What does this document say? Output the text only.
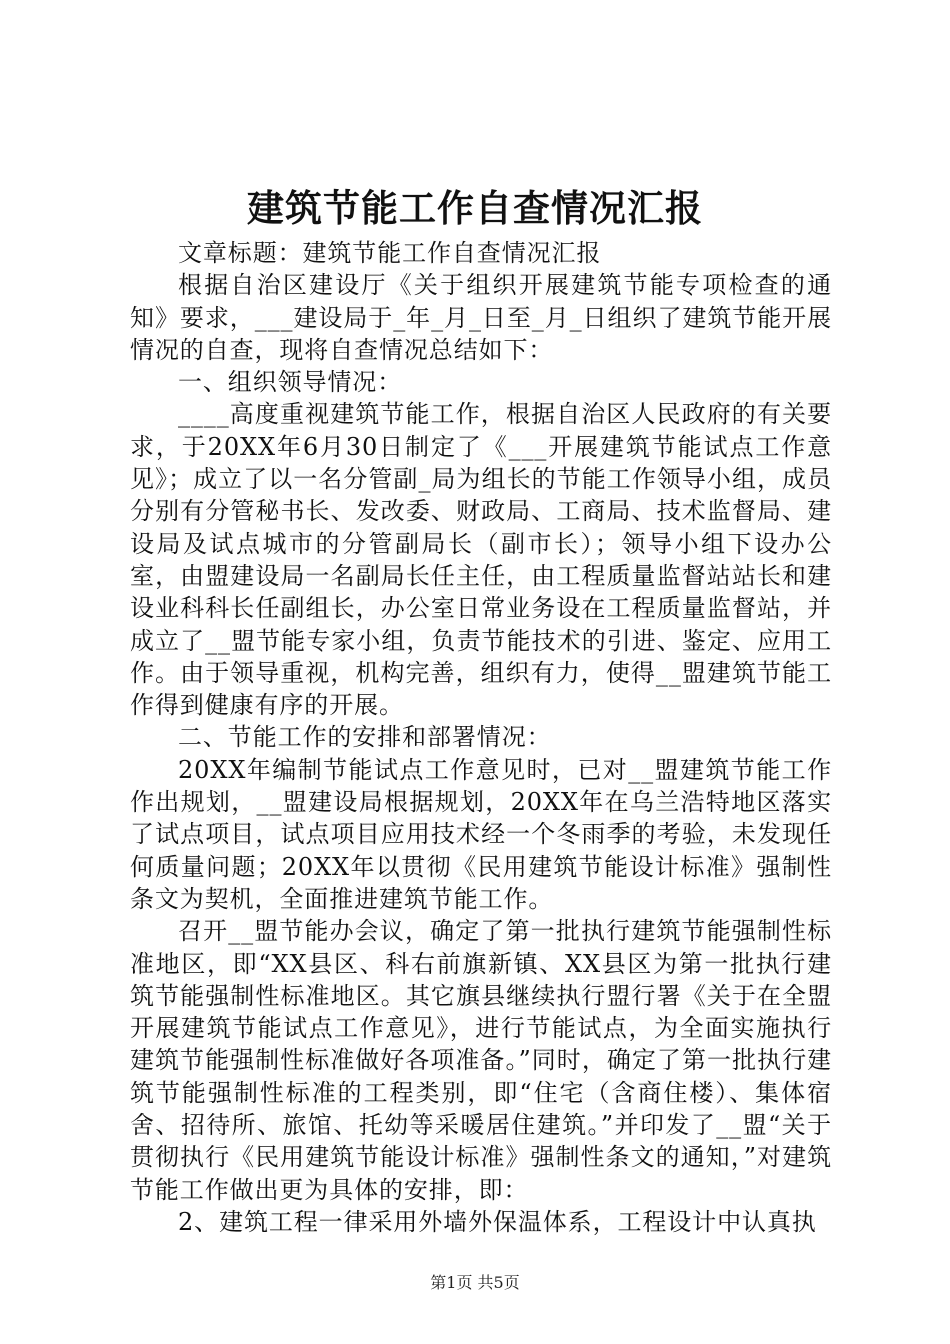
建筑节能工作自查情况汇报

文章标题：建筑节能工作自查情况汇报

根据自治区建设厅《关于组织开展建筑节能专项检查的通知》要求，___建设局于_年_月_日至_月_日组织了建筑节能开展情况的自查，现将自查情况总结如下：

一、组织领导情况：

____高度重视建筑节能工作，根据自治区人民政府的有关要求，于20XX年6月30日制定了《___开展建筑节能试点工作意见》；成立了以一名分管副_局为组长的节能工作领导小组，成员分别有分管秘书长、发改委、财政局、工商局、技术监督局、建设局及试点城市的分管副局长（副市长）；领导小组下设办公室，由盟建设局一名副局长任主任，由工程质量监督站站长和建设业科科长任副组长，办公室日常业务设在工程质量监督站，并成立了__盟节能专家小组，负责节能技术的引进、鉴定、应用工作。由于领导重视，机构完善，组织有力，使得__盟建筑节能工作得到健康有序的开展。

二、节能工作的安排和部署情况：

20XX年编制节能试点工作意见时，已对__盟建筑节能工作作出规划，__盟建设局根据规划，20XX年在乌兰浩特地区落实了试点项目，试点项目应用技术经一个冬雨季的考验，未发现任何质量问题；20XX年以贯彻《民用建筑节能设计标准》强制性条文为契机，全面推进建筑节能工作。

召开__盟节能办会议，确定了第一批执行建筑节能强制性标准地区，即“XX县区、科右前旗新镇、XX县区为第一批执行建筑节能强制性标准地区。其它旗县继续执行盟行署《关于在全盟开展建筑节能试点工作意见》，进行节能试点，为全面实施执行建筑节能强制性标准做好各项准备。”同时，确定了第一批执行建筑节能强制性标准的工程类别，即“住宅（含商住楼）、集体宿舍、招待所、旅馆、托幼等采暖居住建筑。”并印发了__盟“关于贯彻执行《民用建筑节能设计标准》强制性条文的通知，”对建筑节能工作做出更为具体的安排，即：

2、建筑工程一律采用外墙外保温体系，工程设计中认真执

第1页 共5页
